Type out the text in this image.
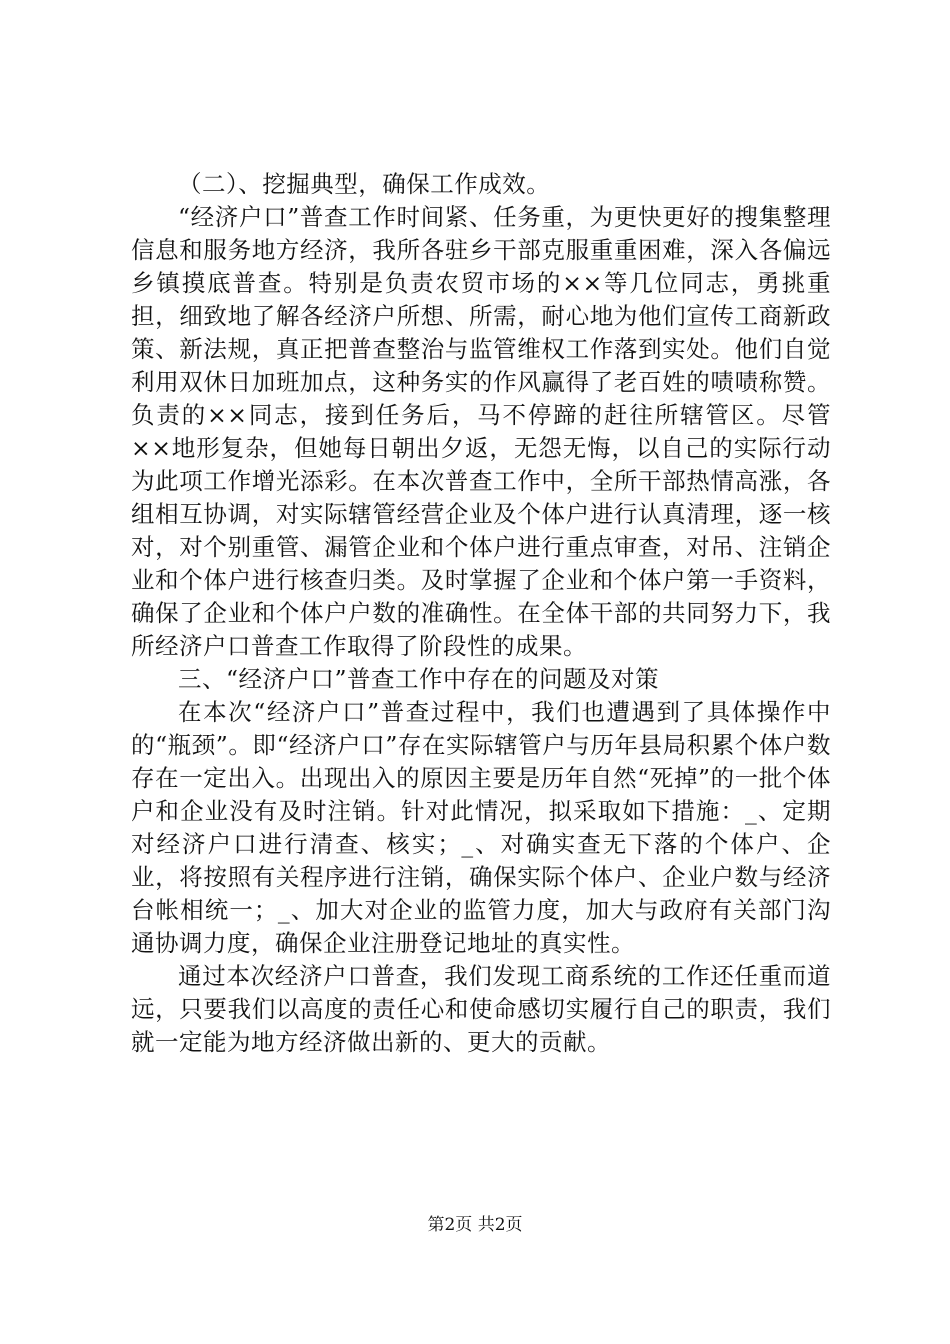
（二）、挖掘典型，确保工作成效。

“经济户口”普查工作时间紧、任务重，为更快更好的搜集整理信息和服务地方经济，我所各驻乡干部克服重重困难，深入各偏远乡镇摸底普查。特别是负责农贸市场的××等几位同志，勇挑重担，细致地了解各经济户所想、所需，耐心地为他们宣传工商新政策、新法规，真正把普查整治与监管维权工作落到实处。他们自觉利用双休日加班加点，这种务实的作风赢得了老百姓的啧啧称赞。负责的××同志，接到任务后，马不停蹄的赶往所辖管区。尽管××地形复杂，但她每日朝出夕返，无怨无悔，以自己的实际行动为此项工作增光添彩。在本次普查工作中，全所干部热情高涨，各组相互协调，对实际辖管经营企业及个体户进行认真清理，逐一核对，对个别重管、漏管企业和个体户进行重点审查，对吊、注销企业和个体户进行核查归类。及时掌握了企业和个体户第一手资料，确保了企业和个体户户数的准确性。在全体干部的共同努力下，我所经济户口普查工作取得了阶段性的成果。

三、“经济户口”普查工作中存在的问题及对策

在本次“经济户口”普查过程中，我们也遭遇到了具体操作中的“瓶颈”。即“经济户口”存在实际辖管户与历年县局积累个体户数存在一定出入。出现出入的原因主要是历年自然“死掉”的一批个体户和企业没有及时注销。针对此情况，拟采取如下措施：_、定期对经济户口进行清查、核实；_、对确实查无下落的个体户、企业，将按照有关程序进行注销，确保实际个体户、企业户数与经济台帐相统一；_、加大对企业的监管力度，加大与政府有关部门沟通协调力度，确保企业注册登记地址的真实性。

通过本次经济户口普查，我们发现工商系统的工作还任重而道远，只要我们以高度的责任心和使命感切实履行自己的职责，我们就一定能为地方经济做出新的、更大的贡献。

第2页 共2页
